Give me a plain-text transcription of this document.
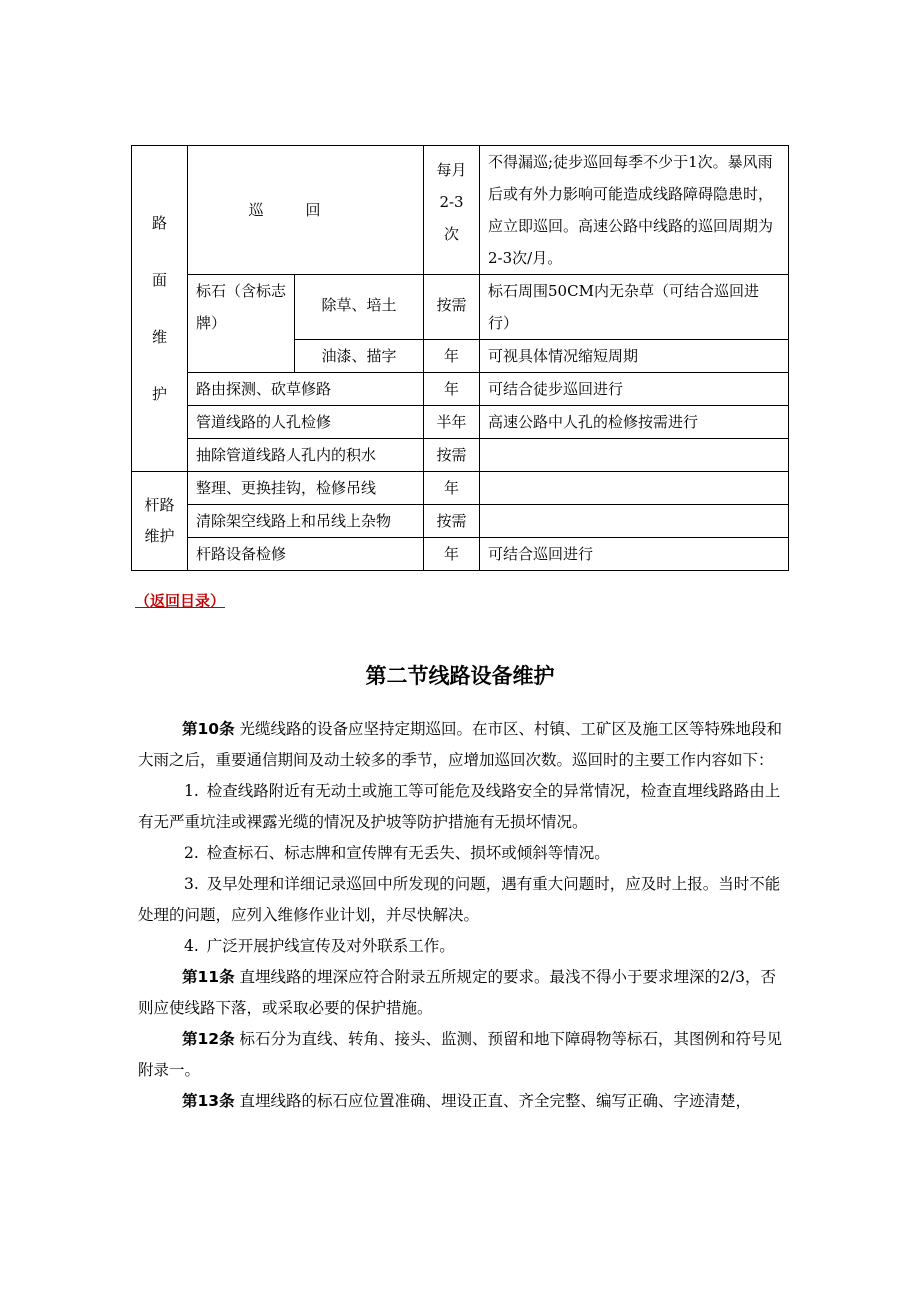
路
面
维
护	巡回		每月
2-3
次	不得漏巡;徒步巡回每季不少于1次。暴风雨后或有外力影响可能造成线路障碍隐患时，应立即巡回。高速公路中线路的巡回周期为2-3次/月。
	标石（含标志牌）	除草、培土	按需	标石周围50CM内无杂草（可结合巡回进行）
		油漆、描字	年	可视具体情况缩短周期
	路由探测、砍草修路		年	可结合徒步巡回进行
	管道线路的人孔检修		半年	高速公路中人孔的检修按需进行
	抽除管道线路人孔内的积水		按需	

杆路
维护	整理、更换挂钩，检修吊线		年	
	清除架空线路上和吊线上杂物		按需	
	杆路设备检修		年	可结合巡回进行
（返回目录）
第二节线路设备维护

第10条 光缆线路的设备应坚持定期巡回。在市区、村镇、工矿区及施工区等特殊地段和大雨之后，重要通信期间及动土较多的季节，应增加巡回次数。巡回时的主要工作内容如下：

1. 检查线路附近有无动土或施工等可能危及线路安全的异常情况，检查直埋线路路由上有无严重坑洼或裸露光缆的情况及护坡等防护措施有无损坏情况。

2. 检查标石、标志牌和宣传牌有无丢失、损坏或倾斜等情况。

3. 及早处理和详细记录巡回中所发现的问题，遇有重大问题时，应及时上报。当时不能处理的问题，应列入维修作业计划，并尽快解决。

4. 广泛开展护线宣传及对外联系工作。

第11条 直埋线路的埋深应符合附录五所规定的要求。最浅不得小于要求埋深的2/3，否则应使线路下落，或采取必要的保护措施。

第12条 标石分为直线、转角、接头、监测、预留和地下障碍物等标石，其图例和符号见附录一。

第13条 直埋线路的标石应位置准确、埋设正直、齐全完整、编写正确、字迹清楚，
